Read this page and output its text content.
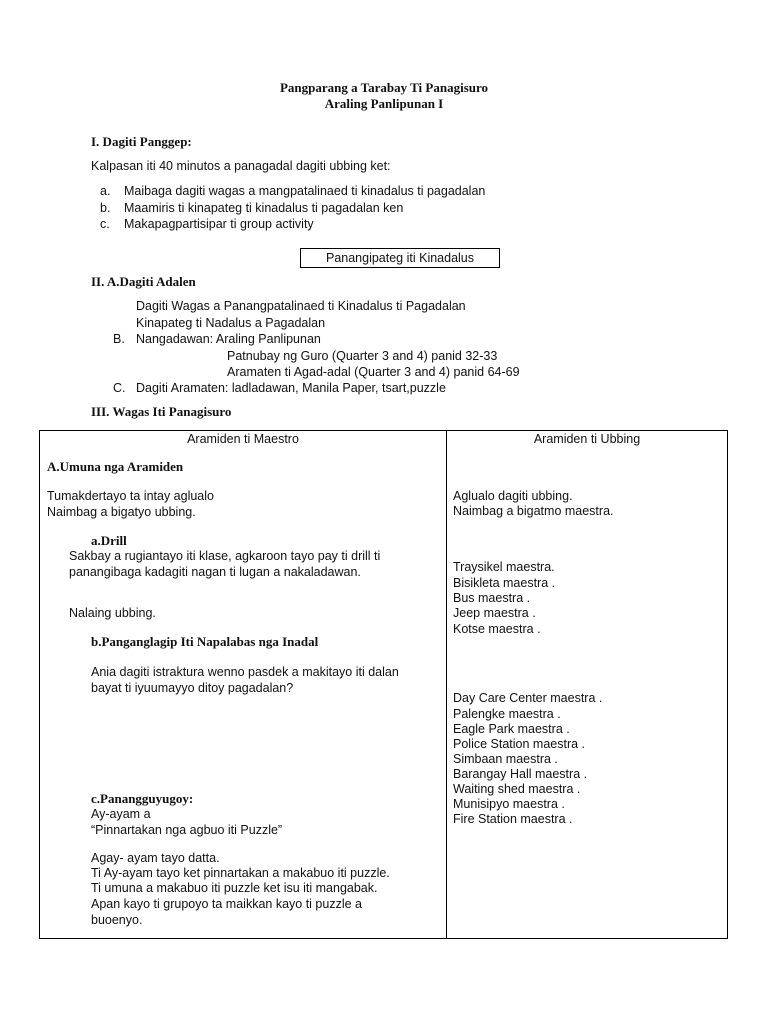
Pangparang a Tarabay Ti Panagisuro
Araling Panlipunan I
I. Dagiti Panggep:
Kalpasan iti 40 minutos a panagadal dagiti ubbing ket:
a. Maibaga dagiti wagas a mangpatalinaed ti kinadalus ti pagadalan
b. Maamiris ti kinapateg ti kinadalus ti pagadalan ken
c. Makapagpartisipar ti group activity
Panangipateg iti Kinadalus
II. A.Dagiti Adalen
Dagiti Wagas a Panangpatalinaed ti Kinadalus ti Pagadalan
Kinapateg ti Nadalus a Pagadalan
B. Nangadawan: Araling Panlipunan
Patnubay ng Guro (Quarter 3 and 4) panid 32-33
Aramaten ti Agad-adal (Quarter 3 and 4) panid 64-69
C. Dagiti Aramaten: ladladawan, Manila Paper, tsart,puzzle
III. Wagas Iti Panagisuro
Aramiden ti Maestro	Aramiden ti Ubbing
A.Umuna nga Aramiden
Tumakdertayo ta intay aglualo
Naimbag a bigatyo ubbing.
a.Drill
Sakbay a rugiantayo iti klase, agkaroon tayo pay ti drill ti
panangibaga kadagiti nagan ti lugan a nakaladawan.
Nalaing ubbing.
b.Panganglagip Iti Napalabas nga Inadal
Ania dagiti istraktura wenno pasdek a makitayo iti dalan
bayat ti iyuumayyo ditoy pagadalan?
c.Panangguyugoy:
Ay-ayam a
“Pinnartakan nga agbuo iti Puzzle”
Agay- ayam tayo datta.
Ti Ay-ayam tayo ket pinnartakan a makabuo iti puzzle.
Ti umuna a makabuo iti puzzle ket isu iti mangabak.
Apan kayo ti grupoyo ta maikkan kayo ti puzzle a
buoenyo.
Aglualo dagiti ubbing.
Naimbag a bigatmo maestra.
Traysikel maestra.
Bisikleta maestra .
Bus maestra .
Jeep maestra .
Kotse maestra .
Day Care Center maestra .
Palengke maestra .
Eagle Park maestra .
Police Station maestra .
Simbaan maestra .
Barangay Hall maestra .
Waiting shed maestra .
Munisipyo maestra .
Fire Station maestra .
